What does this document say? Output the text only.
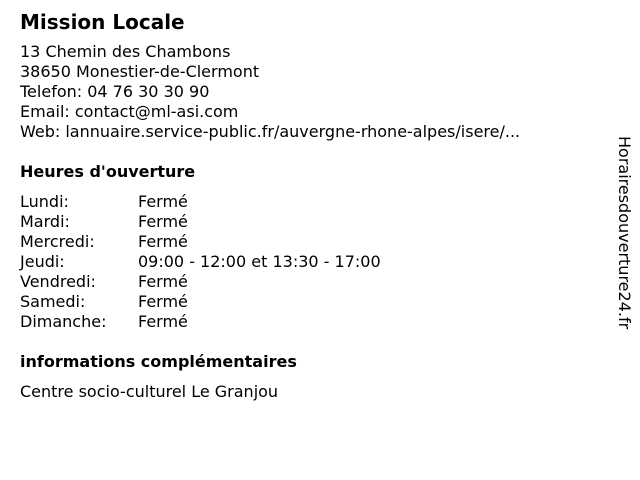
Mission Locale
13 Chemin des Chambons
38650 Monestier-de-Clermont
Telefon: 04 76 30 30 90
Email: contact@ml-asi.com
Web: lannuaire.service-public.fr/auvergne-rhone-alpes/isere/...
Heures d'ouverture
Lundi:	Fermé
Mardi:	Fermé
Mercredi:	Fermé
Jeudi:	09:00 - 12:00 et 13:30 - 17:00
Vendredi:	Fermé
Samedi:	Fermé
Dimanche: Fermé
informations complémentaires
Centre socio-culturel Le Granjou
Horairesdouverture24.fr
